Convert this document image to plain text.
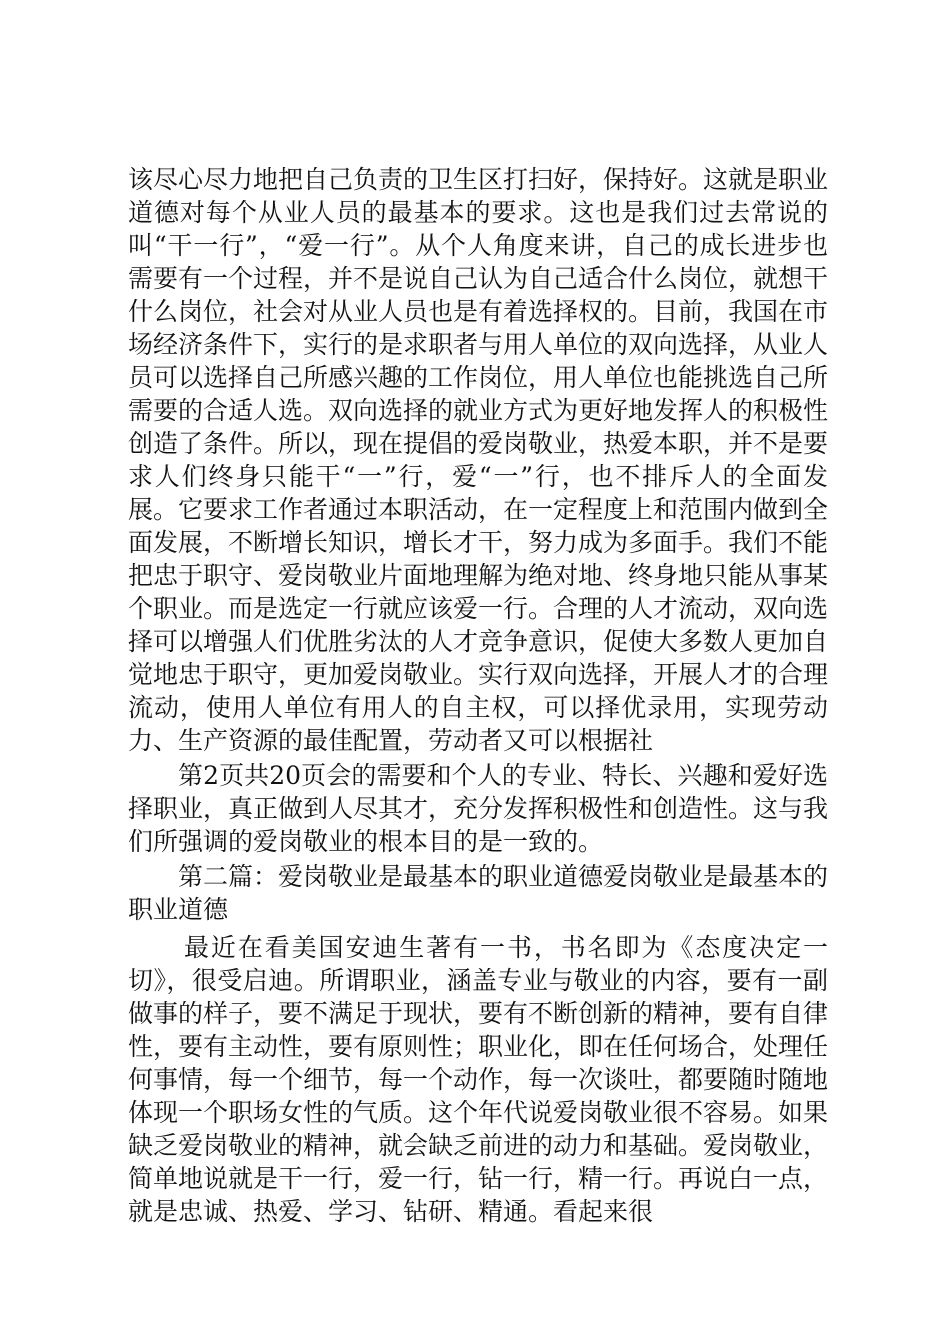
该尽心尽力地把自己负责的卫生区打扫好，保持好。这就是职业道德对每个从业人员的最基本的要求。这也是我们过去常说的叫“干一行”，“爱一行”。从个人角度来讲，自己的成长进步也需要有一个过程，并不是说自己认为自己适合什么岗位，就想干什么岗位，社会对从业人员也是有着选择权的。目前，我国在市场经济条件下，实行的是求职者与用人单位的双向选择，从业人员可以选择自己所感兴趣的工作岗位，用人单位也能挑选自己所需要的合适人选。双向选择的就业方式为更好地发挥人的积极性创造了条件。所以，现在提倡的爱岗敬业，热爱本职，并不是要求人们终身只能干“一”行，爱“一”行，也不排斥人的全面发展。它要求工作者通过本职活动，在一定程度上和范围内做到全面发展，不断增长知识，增长才干，努力成为多面手。我们不能把忠于职守、爱岗敬业片面地理解为绝对地、终身地只能从事某个职业。而是选定一行就应该爱一行。合理的人才流动，双向选择可以增强人们优胜劣汰的人才竞争意识，促使大多数人更加自觉地忠于职守，更加爱岗敬业。实行双向选择，开展人才的合理流动，使用人单位有用人的自主权，可以择优录用，实现劳动力、生产资源的最佳配置，劳动者又可以根据社

第2页共20页会的需要和个人的专业、特长、兴趣和爱好选择职业，真正做到人尽其才，充分发挥积极性和创造性。这与我们所强调的爱岗敬业的根本目的是一致的。

第二篇：爱岗敬业是最基本的职业道德爱岗敬业是最基本的职业道德

最近在看美国安迪生著有一书，书名即为《态度决定一切》，很受启迪。所谓职业，涵盖专业与敬业的内容，要有一副做事的样子，要不满足于现状，要有不断创新的精神，要有自律性，要有主动性，要有原则性；职业化，即在任何场合，处理任何事情，每一个细节，每一个动作，每一次谈吐，都要随时随地体现一个职场女性的气质。这个年代说爱岗敬业很不容易。如果缺乏爱岗敬业的精神，就会缺乏前进的动力和基础。爱岗敬业，简单地说就是干一行，爱一行，钻一行，精一行。再说白一点，就是忠诚、热爱、学习、钻研、精通。看起来很
